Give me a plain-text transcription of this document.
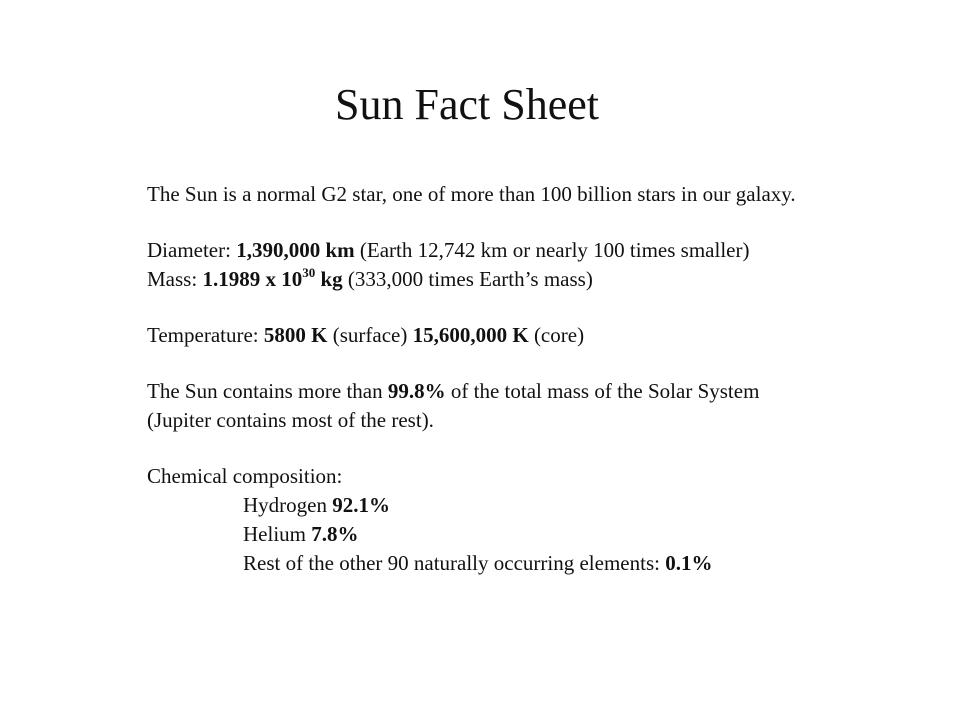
Sun Fact Sheet
The Sun is a normal G2 star, one of more than 100 billion stars in our galaxy.
Diameter: 1,390,000 km (Earth 12,742 km or nearly 100 times smaller)
Mass: 1.1989 x $10^{30}$ kg (333,000 times Earth’s mass)
Temperature: 5800 K (surface) 15,600,000 K (core)
The Sun contains more than 99.8% of the total mass of the Solar System
(Jupiter contains most of the rest).
Chemical composition:
Hydrogen 92.1%
Helium 7.8%
Rest of the other 90 naturally occurring elements: 0.1%
